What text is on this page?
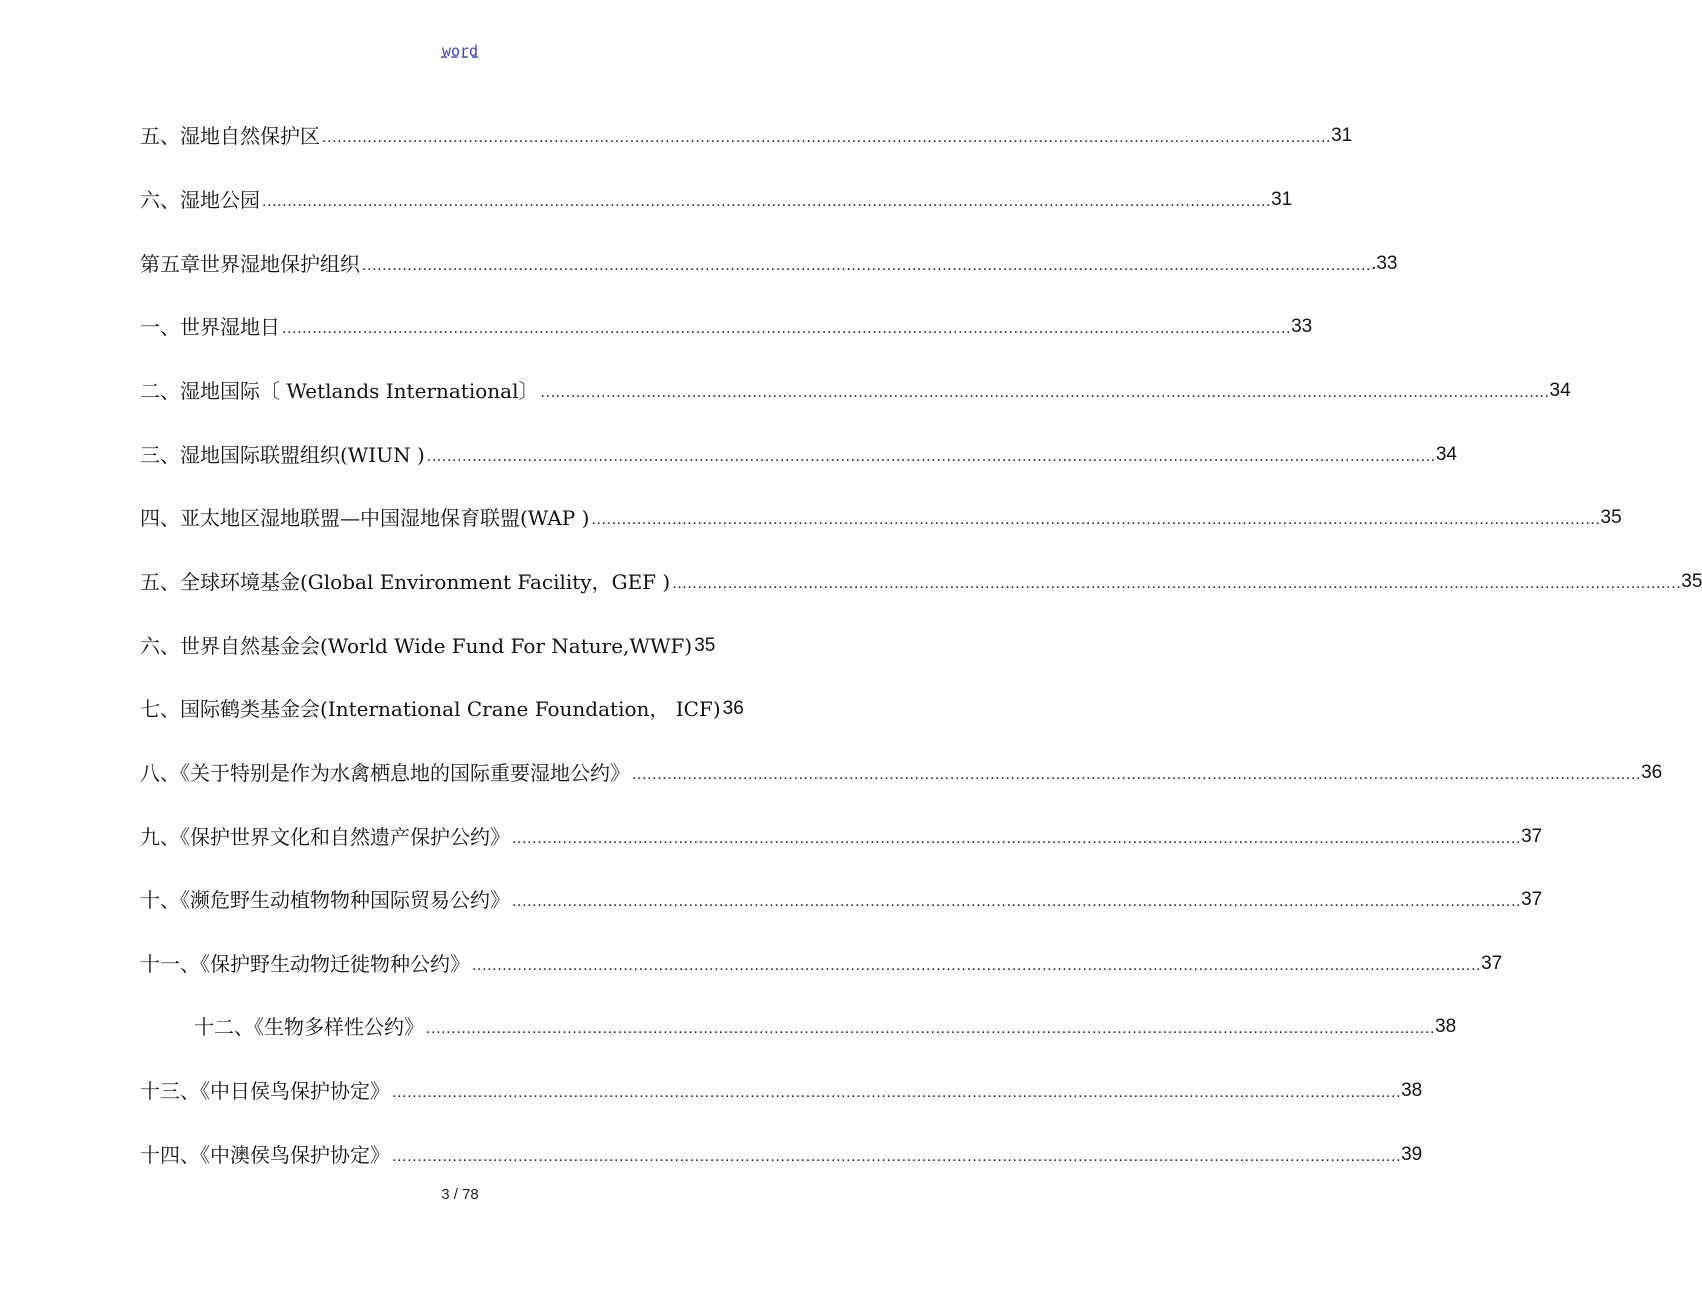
word
五、湿地自然保护区 ........................................................................................................................................................................................................ 31
六、湿地公园 ........................................................................................................................................................................................................ 31
第五章世界湿地保护组织 ........................................................................................................................................................................................................ .33
一、世界湿地日 ........................................................................................................................................................................................................ 33
二、湿地国际〔 Wetlands International〕 ........................................................................................................................................................................................................ 34
三、湿地国际联盟组织(WIUN ) ........................................................................................................................................................................................................ 34
四、亚太地区湿地联盟—中国湿地保育联盟(WAP ) ........................................................................................................................................................................................................ 35
五、全球环境基金(Global Environment Facility，GEF ) ........................................................................................................................................................................................................ 35
六、世界自然基金会(World Wide Fund For Nature,WWF) 35
七、国际鹤类基金会(International Crane Foundation， ICF) 36
八、《关于特别是作为水禽栖息地的国际重要湿地公约》 ........................................................................................................................................................................................................ 36
九、《保护世界文化和自然遗产保护公约》 ........................................................................................................................................................................................................ 37
十、《濒危野生动植物物种国际贸易公约》 ........................................................................................................................................................................................................ 37
十一、《保护野生动物迁徙物种公约》 ........................................................................................................................................................................................................ 37
十二、《生物多样性公约》 ........................................................................................................................................................................................................ 38
十三、《中日侯鸟保护协定》 ........................................................................................................................................................................................................ 38
十四、《中澳侯鸟保护协定》 ........................................................................................................................................................................................................ 39
3 / 78
